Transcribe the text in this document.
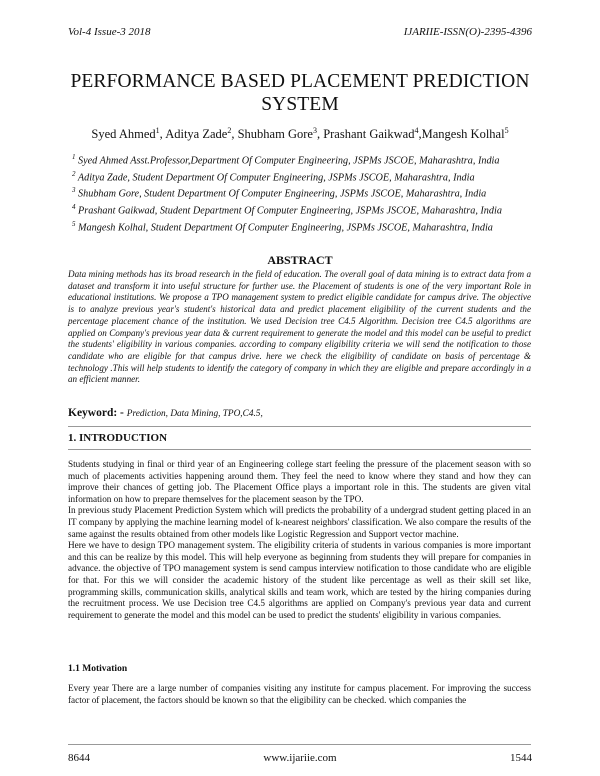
Vol-4 Issue-3 2018	IJARIIE-ISSN(O)-2395-4396
PERFORMANCE BASED PLACEMENT PREDICTION
SYSTEM
Syed Ahmed$^1$, Aditya Zade$^2$, Shubham Gore$^3$, Prashant Gaikwad$^4$,Mangesh Kolhal$^5$
$^1$ Syed Ahmed Asst.Professor,Department Of Computer Engineering, JSPMs JSCOE, Maharashtra, India
$^2$ Aditya Zade, Student Department Of Computer Engineering, JSPMs JSCOE, Maharashtra, India
$^3$ Shubham Gore, Student Department Of Computer Engineering, JSPMs JSCOE, Maharashtra, India
$^4$ Prashant Gaikwad, Student Department Of Computer Engineering, JSPMs JSCOE, Maharashtra, India
$^5$ Mangesh Kolhal, Student Department Of Computer Engineering, JSPMs JSCOE, Maharashtra, India
ABSTRACT
Data mining methods has its broad research in the field of education. The overall goal of data mining is to extract data from a dataset and transform it into useful structure for further use. the Placement of students is one of the very important Role in educational institutions. We propose a TPO management system to predict eligible candidate for campus drive. The objective is to analyze previous year's student's historical data and predict placement eligibility of the current students and the percentage placement chance of the institution. We used Decision tree C4.5 Algorithm. Decision tree C4.5 algorithms are applied on Company's previous year data & current requirement to generate the model and this model can be useful to predict the students' eligibility in various companies. according to company eligibility criteria we will send the notification to those candidate who are eligible for that campus drive. here we check the eligibility of candidate on basis of percentage & technology .This will help students to identify the category of company in which they are eligible and prepare accordingly in a an efficient manner.
Keyword: - Prediction, Data Mining, TPO,C4.5,
1. INTRODUCTION

Students studying in final or third year of an Engineering college start feeling the pressure of the placement season with so much of placements activities happening around them. They feel the need to know where they stand and how they can improve their chances of getting job. The Placement Office plays a important role in this. The students are given vital information on how to prepare themselves for the placement season by the TPO.

In previous study Placement Prediction System which will predicts the probability of a undergrad student getting placed in an IT company by applying the machine learning model of k-nearest neighbors' classification. We also compare the results of the same against the results obtained from other models like Logistic Regression and Support vector machine.

Here we have to design TPO management system. The eligibility criteria of students in various companies is more important and this can be realize by this model. This will help everyone as beginning from students they will prepare for companies in advance. the objective of TPO management system is send campus interview notification to those candidate who are eligible for that. For this we will consider the academic history of the student like percentage as well as their skill set like, programming skills, communication skills, analytical skills and team work, which are tested by the hiring companies during the recruitment process. We use Decision tree C4.5 algorithms are applied on Company's previous year data and current requirement to generate the model and this model can be used to predict the students' eligibility in various companies.

1.1 Motivation
Every year There are a large number of companies visiting any institute for campus placement. For improving the success factor of placement, the factors should be known so that the eligibility can be checked. which companies the
8644	www.ijariie.com	1544
